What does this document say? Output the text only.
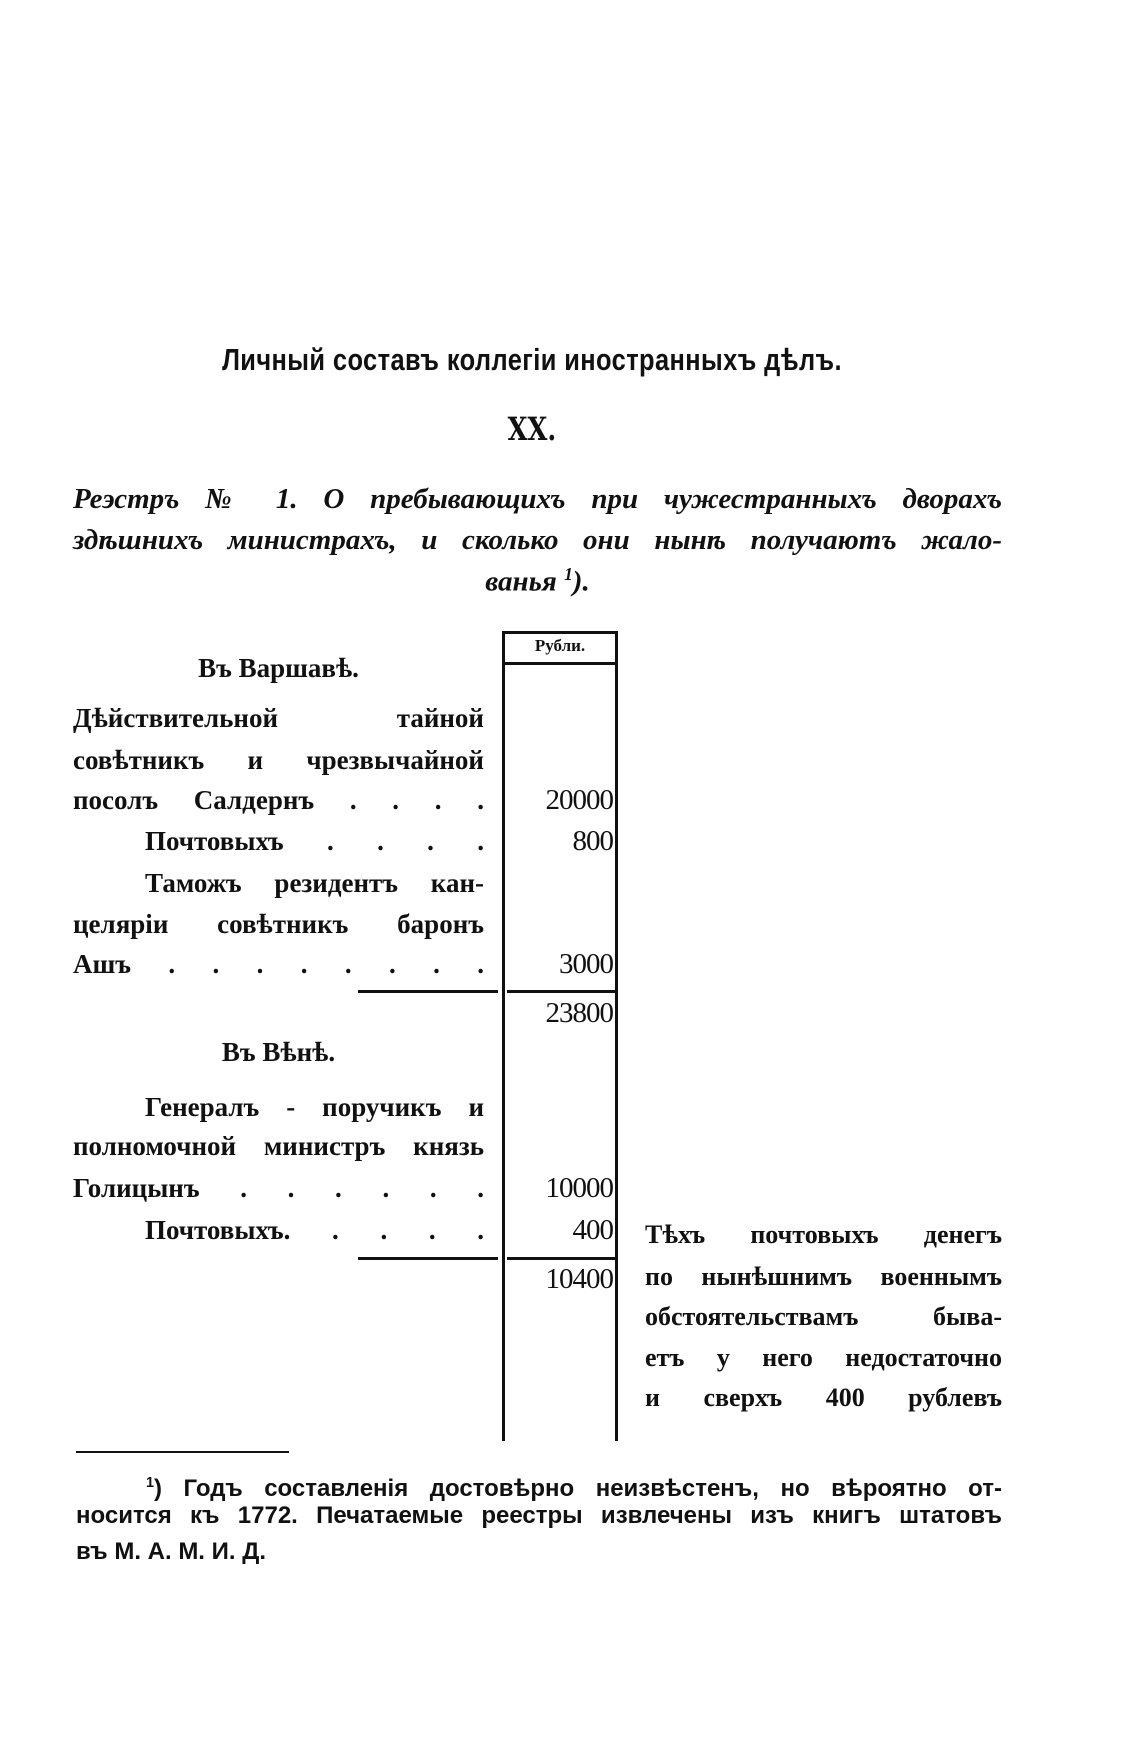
Личный составъ коллегіи иностранныхъ дѣлъ.
XX.
Реэстръ № 1. О пребывающихъ при чужестранныхъ дворахъ
здѣшнихъ министрахъ, и сколько они нынѣ получаютъ жало-
ванья $^1$).
Рубли.
Въ Варшавѣ.
Дѣйствительной тайной
совѣтникъ и чрезвычайной
посолъ Салдернъ . . . .
Почтовыхъ . . . .
Таможъ резидентъ кан-
целяріи совѣтникъ баронъ
Ашъ . . . . . . . .
20000
800
3000
23800
Въ Вѣнѣ.
Генералъ - поручикъ и
полномочной министръ князь
Голицынъ . . . . . .
Почтовыхъ. . . . .
10000
400
10400
Тѣхъ почтовыхъ денегъ
по нынѣшнимъ военнымъ
обстоятельствамъ быва-
етъ у него недостаточно
и сверхъ 400 рублевъ
$^1$) Годъ составленія достовѣрно неизвѣстенъ, но вѣроятно от-
носится къ 1772. Печатаемые реестры извлечены изъ книгъ штатовъ
въ М. А. М. И. Д.
